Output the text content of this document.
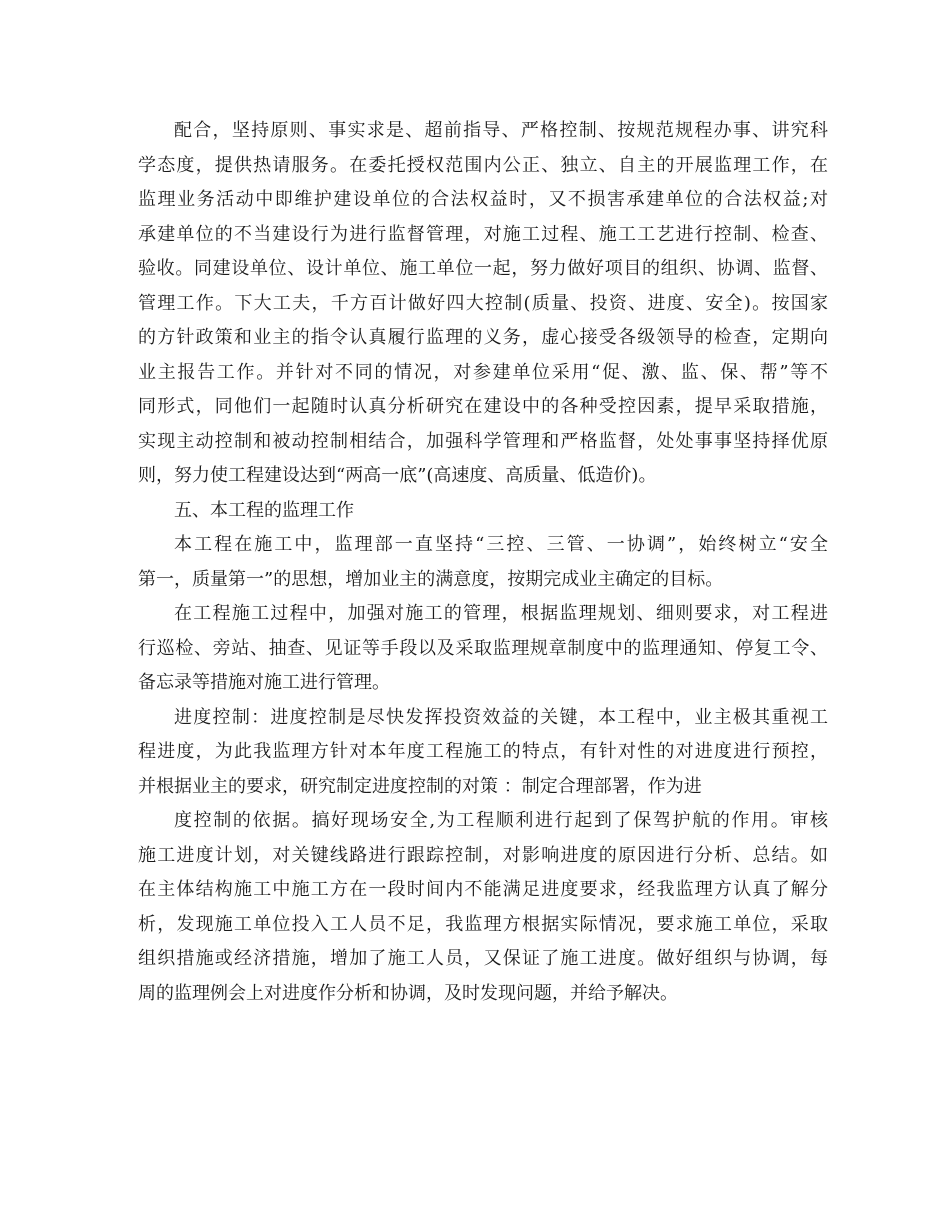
配合，坚持原则、事实求是、超前指导、严格控制、按规范规程办事、讲究科
学态度，提供热请服务。在委托授权范围内公正、独立、自主的开展监理工作，在
监理业务活动中即维护建设单位的合法权益时，又不损害承建单位的合法权益;对
承建单位的不当建设行为进行监督管理，对施工过程、施工工艺进行控制、检查、
验收。同建设单位、设计单位、施工单位一起，努力做好项目的组织、协调、监督、
管理工作。下大工夫，千方百计做好四大控制(质量、投资、进度、安全)。按国家
的方针政策和业主的指令认真履行监理的义务，虚心接受各级领导的检查，定期向
业主报告工作。并针对不同的情况，对参建单位采用“促、激、监、保、帮”等不
同形式，同他们一起随时认真分析研究在建设中的各种受控因素，提早采取措施，
实现主动控制和被动控制相结合，加强科学管理和严格监督，处处事事坚持择优原
则，努力使工程建设达到“两高一底”(高速度、高质量、低造价)。
五、本工程的监理工作
本工程在施工中，监理部一直坚持“三控、三管、一协调”，始终树立“安全
第一，质量第一”的思想，增加业主的满意度，按期完成业主确定的目标。
在工程施工过程中，加强对施工的管理，根据监理规划、细则要求，对工程进
行巡检、旁站、抽查、见证等手段以及采取监理规章制度中的监理通知、停复工令、
备忘录等措施对施工进行管理。
进度控制：进度控制是尽快发挥投资效益的关键，本工程中，业主极其重视工
程进度，为此我监理方针对本年度工程施工的特点，有针对性的对进度进行预控，
并根据业主的要求，研究制定进度控制的对策 ：制定合理部署，作为进
度控制的依据。搞好现场安全,为工程顺利进行起到了保驾护航的作用。审核
施工进度计划，对关键线路进行跟踪控制，对影响进度的原因进行分析、总结。如
在主体结构施工中施工方在一段时间内不能满足进度要求，经我监理方认真了解分
析，发现施工单位投入工人员不足，我监理方根据实际情况，要求施工单位，采取
组织措施或经济措施，增加了施工人员，又保证了施工进度。做好组织与协调，每
周的监理例会上对进度作分析和协调，及时发现问题，并给予解决。
